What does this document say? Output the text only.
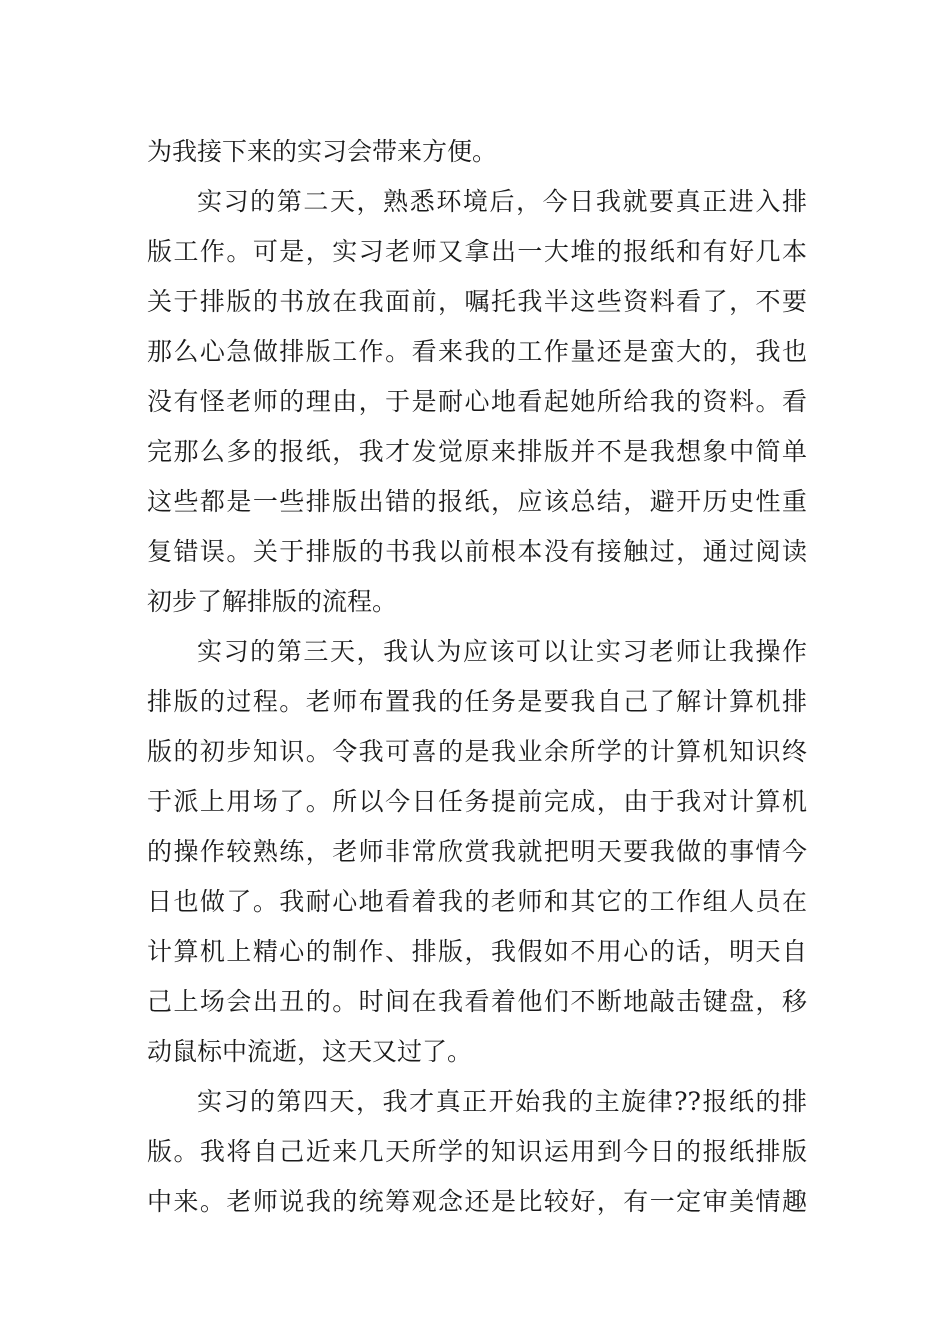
为我接下来的实习会带来方便。
实习的第二天，熟悉环境后，今日我就要真正进入排
版工作。可是，实习老师又拿出一大堆的报纸和有好几本
关于排版的书放在我面前，嘱托我半这些资料看了，不要
那么心急做排版工作。看来我的工作量还是蛮大的，我也
没有怪老师的理由，于是耐心地看起她所给我的资料。看
完那么多的报纸，我才发觉原来排版并不是我想象中简单
这些都是一些排版出错的报纸，应该总结，避开历史性重
复错误。关于排版的书我以前根本没有接触过，通过阅读
初步了解排版的流程。
实习的第三天，我认为应该可以让实习老师让我操作
排版的过程。老师布置我的任务是要我自己了解计算机排
版的初步知识。令我可喜的是我业余所学的计算机知识终
于派上用场了。所以今日任务提前完成，由于我对计算机
的操作较熟练，老师非常欣赏我就把明天要我做的事情今
日也做了。我耐心地看着我的老师和其它的工作组人员在
计算机上精心的制作、排版，我假如不用心的话，明天自
己上场会出丑的。时间在我看着他们不断地敲击键盘，移
动鼠标中流逝，这天又过了。
实习的第四天，我才真正开始我的主旋律??报纸的排
版。我将自己近来几天所学的知识运用到今日的报纸排版
中来。老师说我的统筹观念还是比较好，有一定审美情趣
